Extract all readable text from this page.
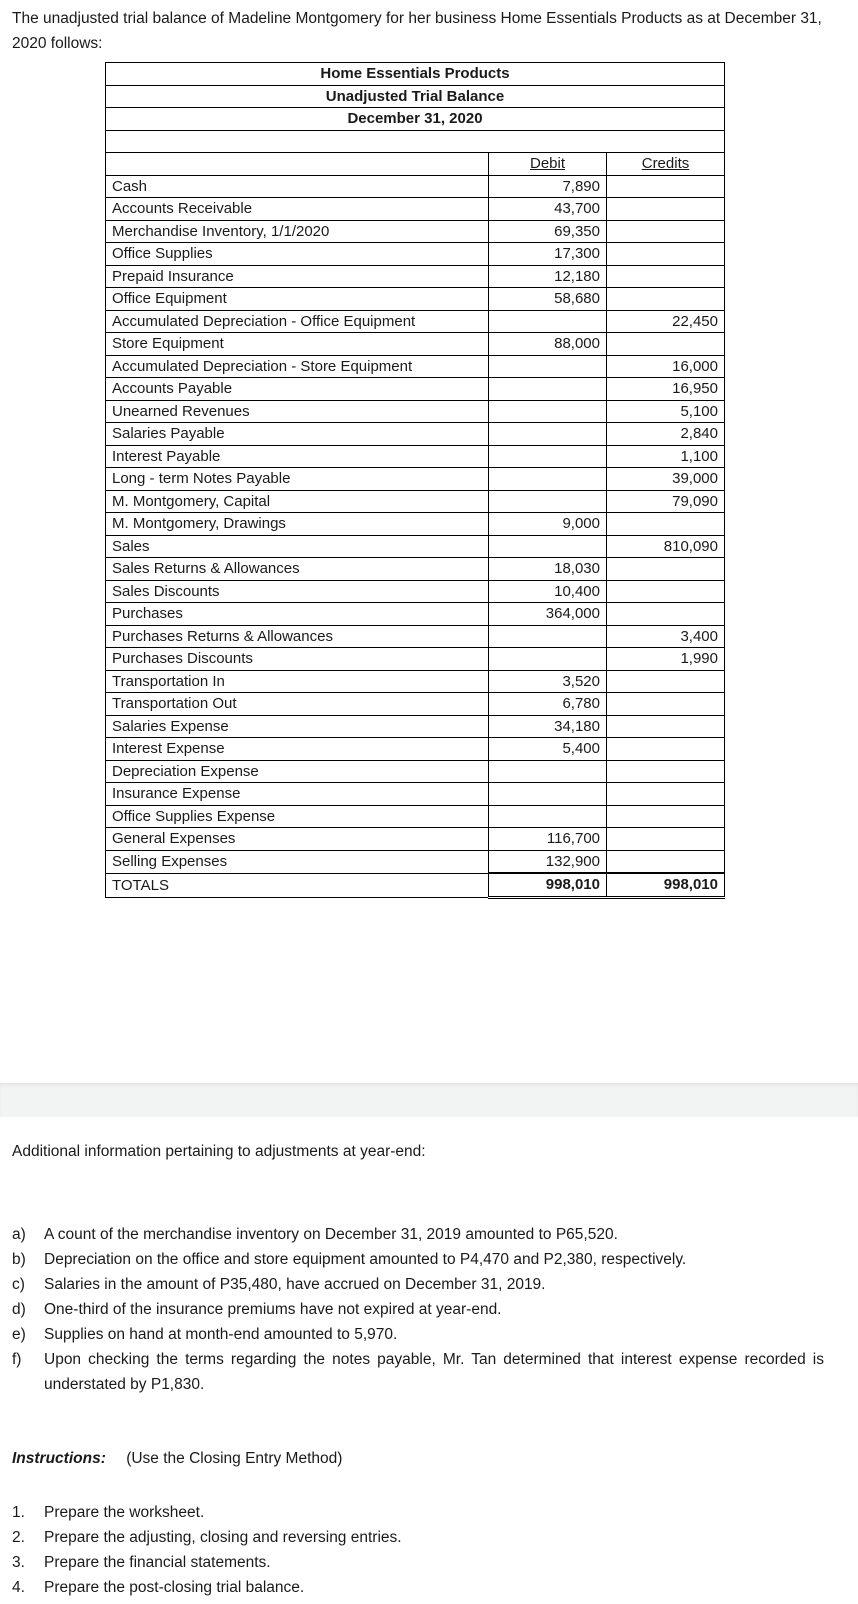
The unadjusted trial balance of Madeline Montgomery for her business Home Essentials Products as at December 31, 2020 follows:

Home Essentials Products		
Unadjusted Trial Balance		
December 31, 2020		

	Debit	Credits
Cash	7,890	
Accounts Receivable	43,700	
Merchandise Inventory, 1/1/2020	69,350	
Office Supplies	17,300	
Prepaid Insurance	12,180	
Office Equipment	58,680	
Accumulated Depreciation - Office Equipment		22,450
Store Equipment	88,000	
Accumulated Depreciation - Store Equipment		16,000
Accounts Payable		16,950
Unearned Revenues		5,100
Salaries Payable		2,840
Interest Payable		1,100
Long - term Notes Payable		39,000
M. Montgomery, Capital		79,090
M. Montgomery, Drawings	9,000	
Sales		810,090
Sales Returns & Allowances	18,030	
Sales Discounts	10,400	
Purchases	364,000	
Purchases Returns & Allowances		3,400
Purchases Discounts		1,990
Transportation In	3,520	
Transportation Out	6,780	
Salaries Expense	34,180	
Interest Expense	5,400	
Depreciation Expense		
Insurance Expense		
Office Supplies Expense		
General Expenses	116,700	
Selling Expenses	132,900	
TOTALS	998,010	998,010
Additional information pertaining to adjustments at year-end:
a)	A count of the merchandise inventory on December 31, 2019 amounted to P65,520.
b)	Depreciation on the office and store equipment amounted to P4,470 and P2,380, respectively.
c)	Salaries in the amount of P35,480, have accrued on December 31, 2019.
d)	One-third of the insurance premiums have not expired at year-end.
e)	Supplies on hand at month-end amounted to 5,970.
f)	Upon checking the terms regarding the notes payable, Mr. Tan determined that interest expense recorded is understated by P1,830.
Instructions: (Use the Closing Entry Method)
1.	Prepare the worksheet.
2.	Prepare the adjusting, closing and reversing entries.
3.	Prepare the financial statements.
4.	Prepare the post-closing trial balance.
